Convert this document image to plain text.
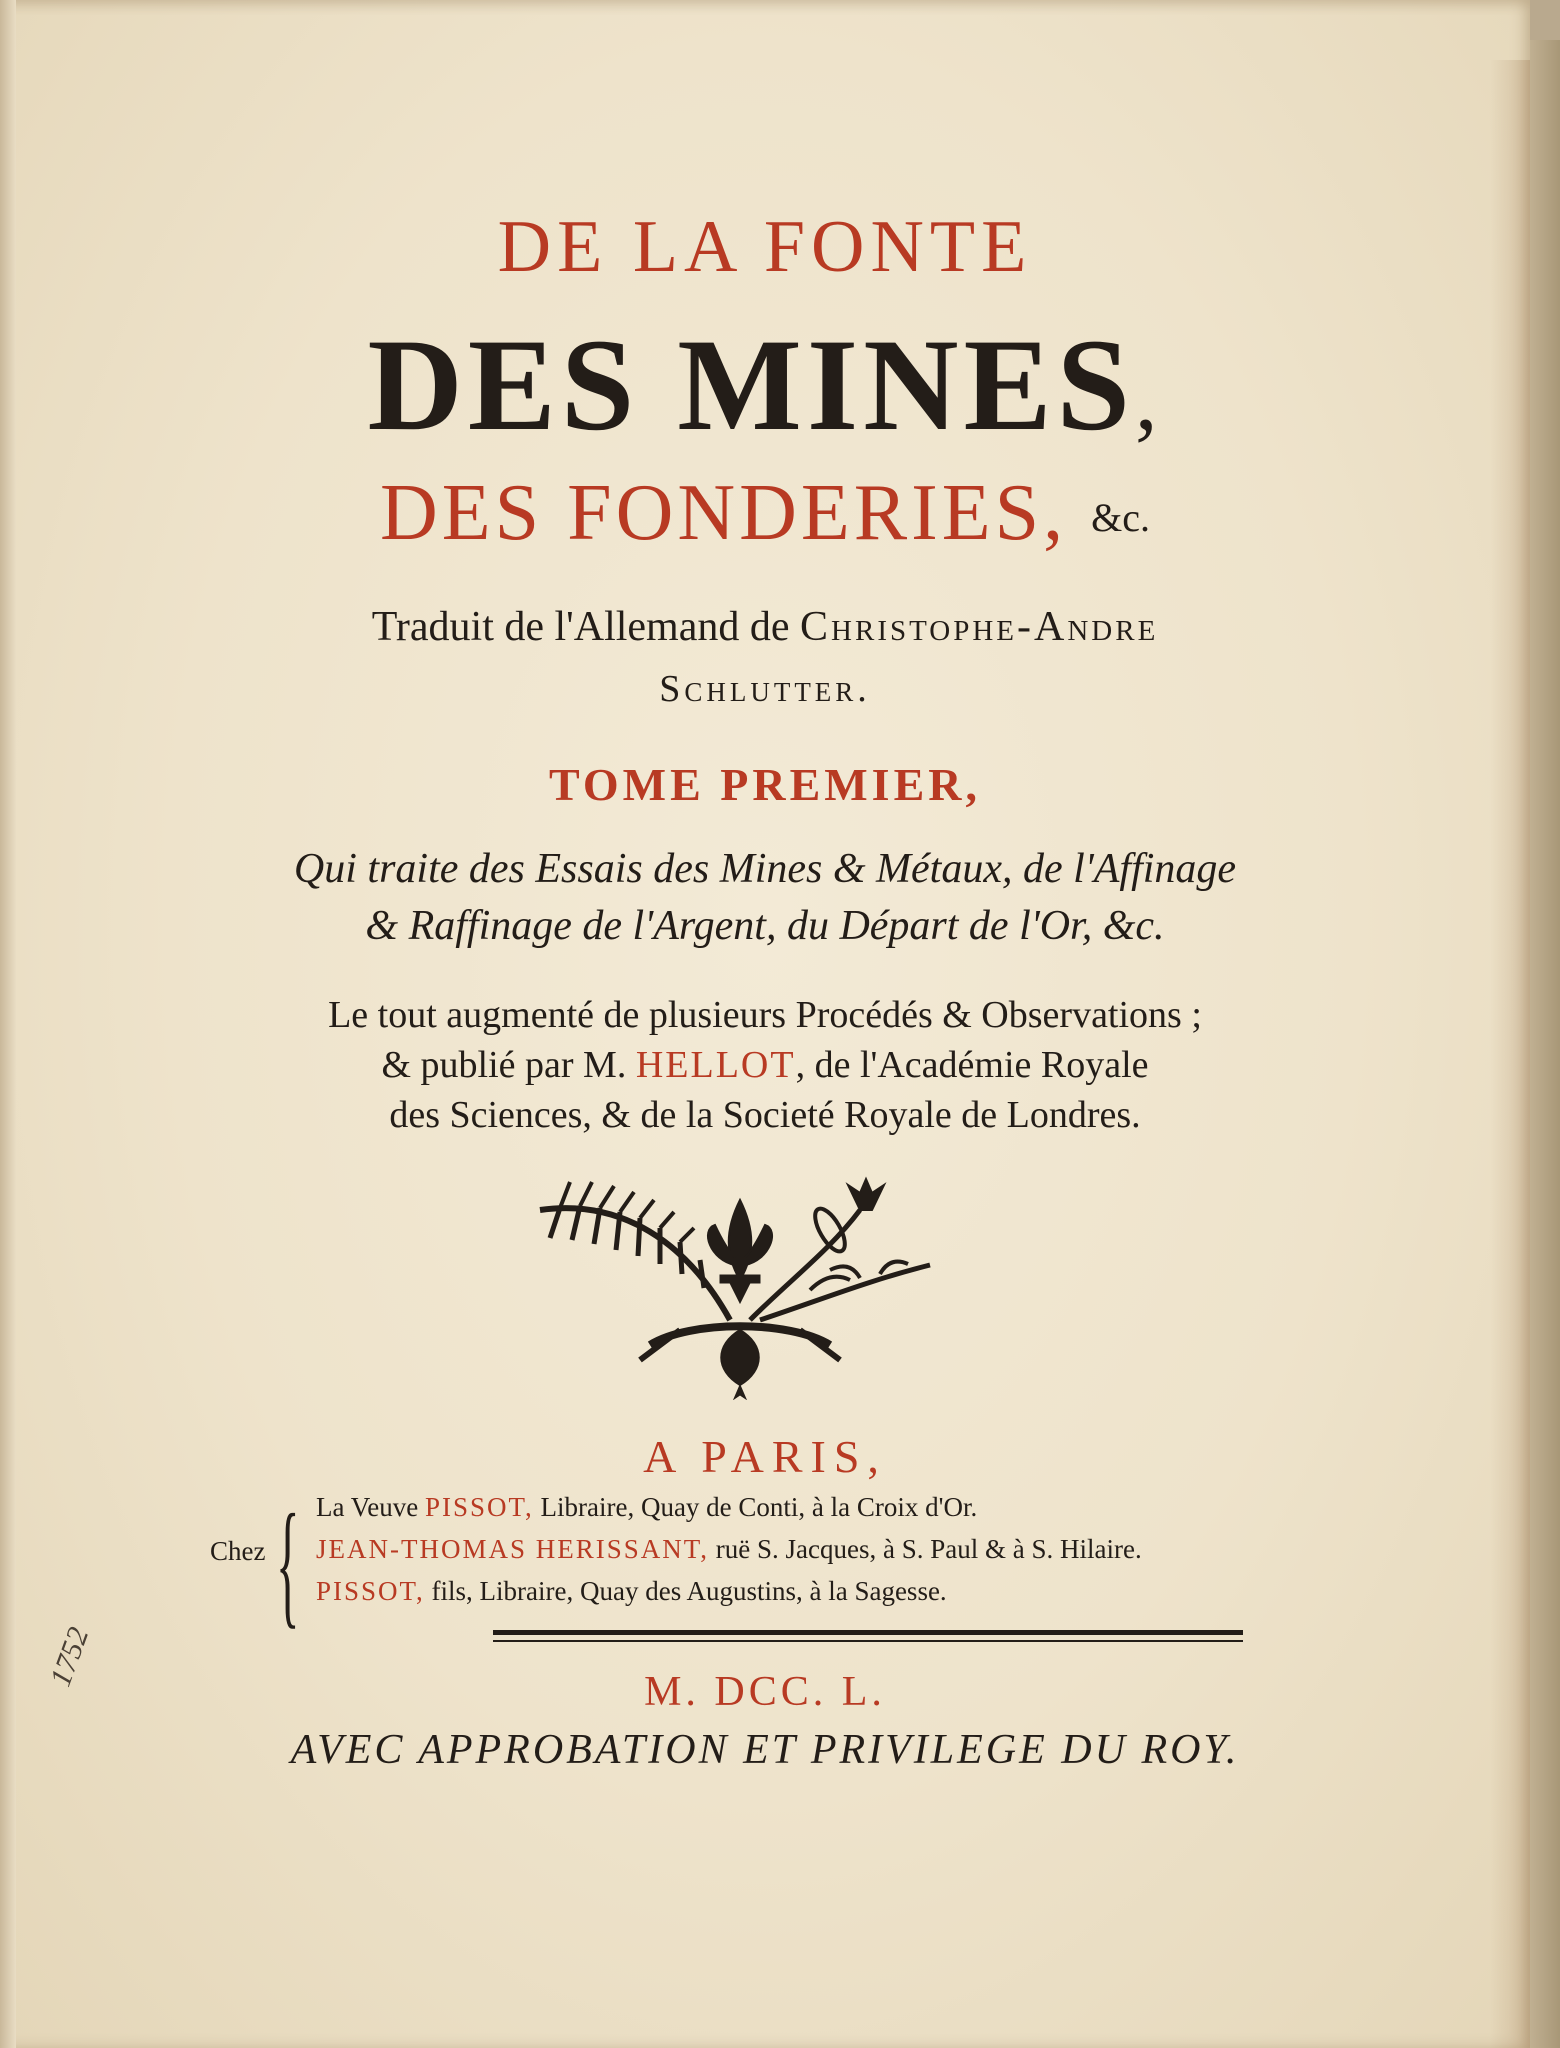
DE LA FONTE
DES MINES,
DES FONDERIES, &c.
Traduit de l'Allemand de Christophe-Andre
Schlutter.
TOME PREMIER,
Qui traite des Essais des Mines & Métaux, de l'Affinage
& Raffinage de l'Argent, du Départ de l'Or, &c.
Le tout augmenté de plusieurs Procédés & Observations ;
& publié par M. HELLOT, de l'Académie Royale
des Sciences, & de la Societé Royale de Londres.
A PARIS,
Chez { La Veuve PISSOT, Libraire, Quay de Conti, à la Croix d'Or.
JEAN-THOMAS HERISSANT, ruë S. Jacques, à S. Paul & à S. Hilaire.
PISSOT, fils, Libraire, Quay des Augustins, à la Sagesse.
M. DCC. L.
AVEC APPROBATION ET PRIVILEGE DU ROY.
1752
